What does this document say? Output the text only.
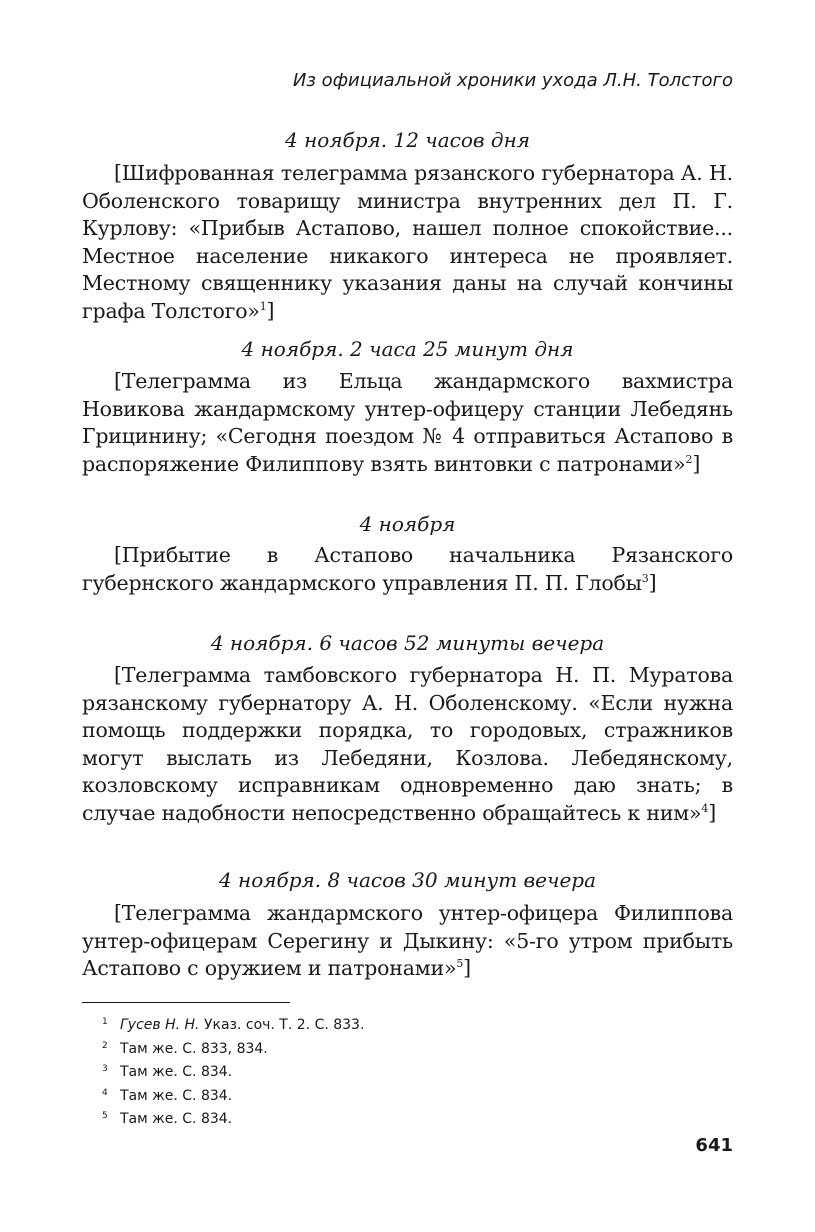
Из официальной хроники ухода Л.Н. Толстого
4 ноября. 12 часов дня

[Шифрованная телеграмма рязанского губернатора А. Н. Оболенского товарищу министра внутренних дел П. Г. Курлову: «Прибыв Астапово, нашел полное спокойствие... Местное население никакого интереса не проявляет. Местному священнику указания даны на случай кончины графа Толстого»$^1$]

4 ноября. 2 часа 25 минут дня

[Телеграмма из Ельца жандармского вахмистра Новикова жандармскому унтер-офицеру станции Лебедянь Грицинину; «Сегодня поездом № 4 отправиться Астапово в распоряжение Филиппову взять винтовки с патронами»$^2$]

4 ноября

[Прибытие в Астапово начальника Рязанского губернского жандармского управления П. П. Глобы$^3$]

4 ноября. 6 часов 52 минуты вечера

[Телеграмма тамбовского губернатора Н. П. Муратова рязанскому губернатору А. Н. Оболенскому. «Если нужна помощь поддержки порядка, то городовых, стражников могут выслать из Лебедяни, Козлова. Лебедянскому, козловскому исправникам одновременно даю знать; в случае надобности непосредственно обращайтесь к ним»$^4$]

4 ноября. 8 часов 30 минут вечера

[Телеграмма жандармского унтер-офицера Филиппова унтер-офицерам Серегину и Дыкину: «5-го утром прибыть Астапово с оружием и патронами»$^5$]

1 Гусев Н. Н. Указ. соч. Т. 2. С. 833.
2 Там же. С. 833, 834.
3 Там же. С. 834.
4 Там же. С. 834.
5 Там же. С. 834.
641
